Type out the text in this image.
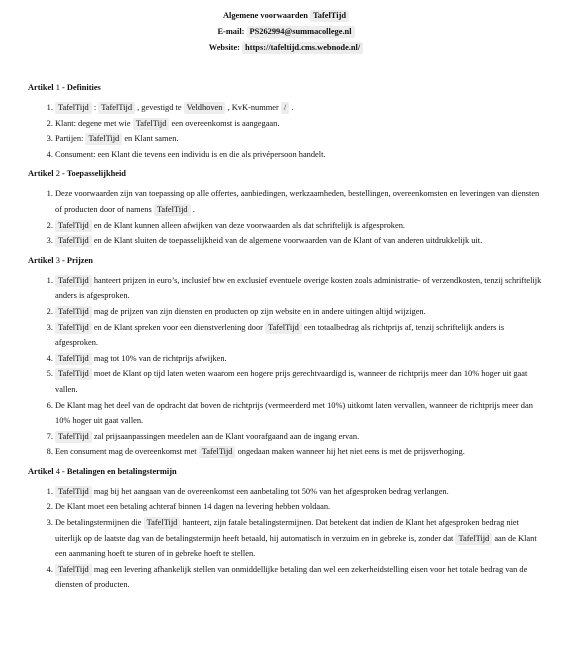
Algemene voorwaarden TafelTijd
E-mail: PS262994@summacollege.nl
Website: https://tafeltijd.cms.webnode.nl/
Artikel 1 - Definities
1. TafelTijd : TafelTijd , gevestigd te Veldhoven , KvK-nummer / .
2. Klant: degene met wie TafelTijd een overeenkomst is aangegaan.
3. Partijen: TafelTijd en Klant samen.
4. Consument: een Klant die tevens een individu is en die als privépersoon handelt.
Artikel 2 - Toepasselijkheid
1. Deze voorwaarden zijn van toepassing op alle offertes, aanbiedingen, werkzaamheden, bestellingen, overeenkomsten en leveringen van diensten of producten door of namens TafelTijd .
2. TafelTijd en de Klant kunnen alleen afwijken van deze voorwaarden als dat schriftelijk is afgesproken.
3. TafelTijd en de Klant sluiten de toepasselijkheid van de algemene voorwaarden van de Klant of van anderen uitdrukkelijk uit.
Artikel 3 - Prijzen
1. TafelTijd hanteert prijzen in euro’s, inclusief btw en exclusief eventuele overige kosten zoals administratie- of verzendkosten, tenzij schriftelijk anders is afgesproken.
2. TafelTijd mag de prijzen van zijn diensten en producten op zijn website en in andere uitingen altijd wijzigen.
3. TafelTijd en de Klant spreken voor een dienstverlening door TafelTijd een totaalbedrag als richtprijs af, tenzij schriftelijk anders is afgesproken.
4. TafelTijd mag tot 10% van de richtprijs afwijken.
5. TafelTijd moet de Klant op tijd laten weten waarom een hogere prijs gerechtvaardigd is, wanneer de richtprijs meer dan 10% hoger uit gaat vallen.
6. De Klant mag het deel van de opdracht dat boven de richtprijs (vermeerderd met 10%) uitkomt laten vervallen, wanneer de richtprijs meer dan 10% hoger uit gaat vallen.
7. TafelTijd zal prijsaanpassingen meedelen aan de Klant voorafgaand aan de ingang ervan.
8. Een consument mag de overeenkomst met TafelTijd ongedaan maken wanneer hij het niet eens is met de prijsverhoging.
Artikel 4 - Betalingen en betalingstermijn
1. TafelTijd mag bij het aangaan van de overeenkomst een aanbetaling tot 50% van het afgesproken bedrag verlangen.
2. De Klant moet een betaling achteraf binnen 14 dagen na levering hebben voldaan.
3. De betalingstermijnen die TafelTijd hanteert, zijn fatale betalingstermijnen. Dat betekent dat indien de Klant het afgesproken bedrag niet uiterlijk op de laatste dag van de betalingstermijn heeft betaald, hij automatisch in verzuim en in gebreke is, zonder dat TafelTijd aan de Klant een aanmaning hoeft te sturen of in gebreke hoeft te stellen.
4. TafelTijd mag een levering afhankelijk stellen van onmiddellijke betaling dan wel een zekerheidstelling eisen voor het totale bedrag van de diensten of producten.
